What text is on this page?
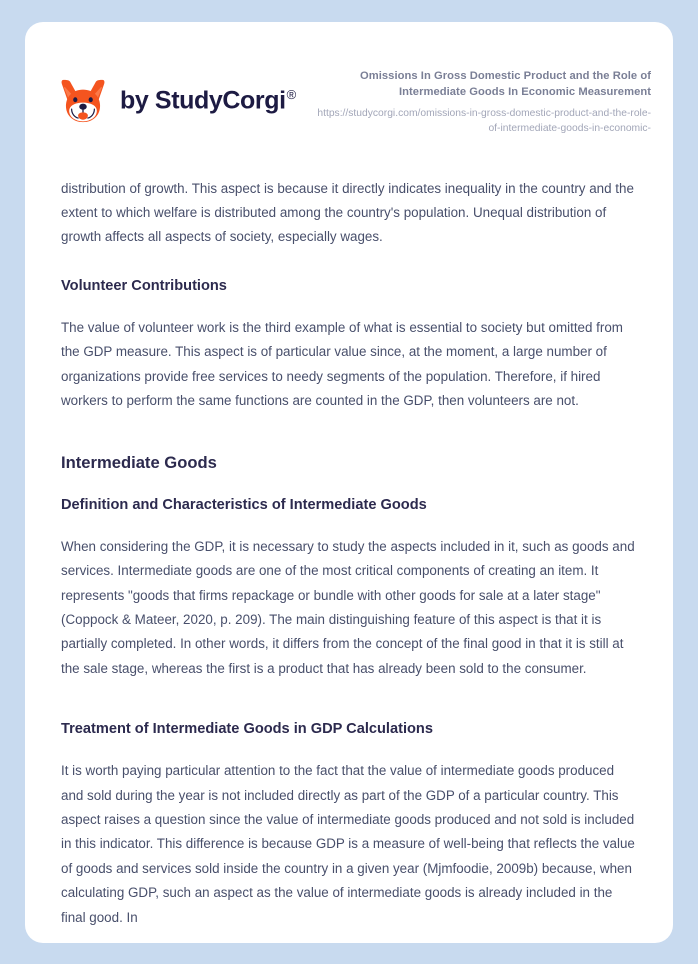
by StudyCorgi®

Omissions In Gross Domestic Product and the Role of Intermediate Goods In Economic Measurement

https://studycorgi.com/omissions-in-gross-domestic-product-and-the-role-of-intermediate-goods-in-economic-

distribution of growth. This aspect is because it directly indicates inequality in the country and the extent to which welfare is distributed among the country's population. Unequal distribution of growth affects all aspects of society, especially wages.

Volunteer Contributions

The value of volunteer work is the third example of what is essential to society but omitted from the GDP measure. This aspect is of particular value since, at the moment, a large number of organizations provide free services to needy segments of the population. Therefore, if hired workers to perform the same functions are counted in the GDP, then volunteers are not.

Intermediate Goods
Definition and Characteristics of Intermediate Goods

When considering the GDP, it is necessary to study the aspects included in it, such as goods and services. Intermediate goods are one of the most critical components of creating an item. It represents "goods that firms repackage or bundle with other goods for sale at a later stage" (Coppock & Mateer, 2020, p. 209). The main distinguishing feature of this aspect is that it is partially completed. In other words, it differs from the concept of the final good in that it is still at the sale stage, whereas the first is a product that has already been sold to the consumer.

Treatment of Intermediate Goods in GDP Calculations

It is worth paying particular attention to the fact that the value of intermediate goods produced and sold during the year is not included directly as part of the GDP of a particular country. This aspect raises a question since the value of intermediate goods produced and not sold is included in this indicator. This difference is because GDP is a measure of well-being that reflects the value of goods and services sold inside the country in a given year (Mjmfoodie, 2009b) because, when calculating GDP, such an aspect as the value of intermediate goods is already included in the final good. In
